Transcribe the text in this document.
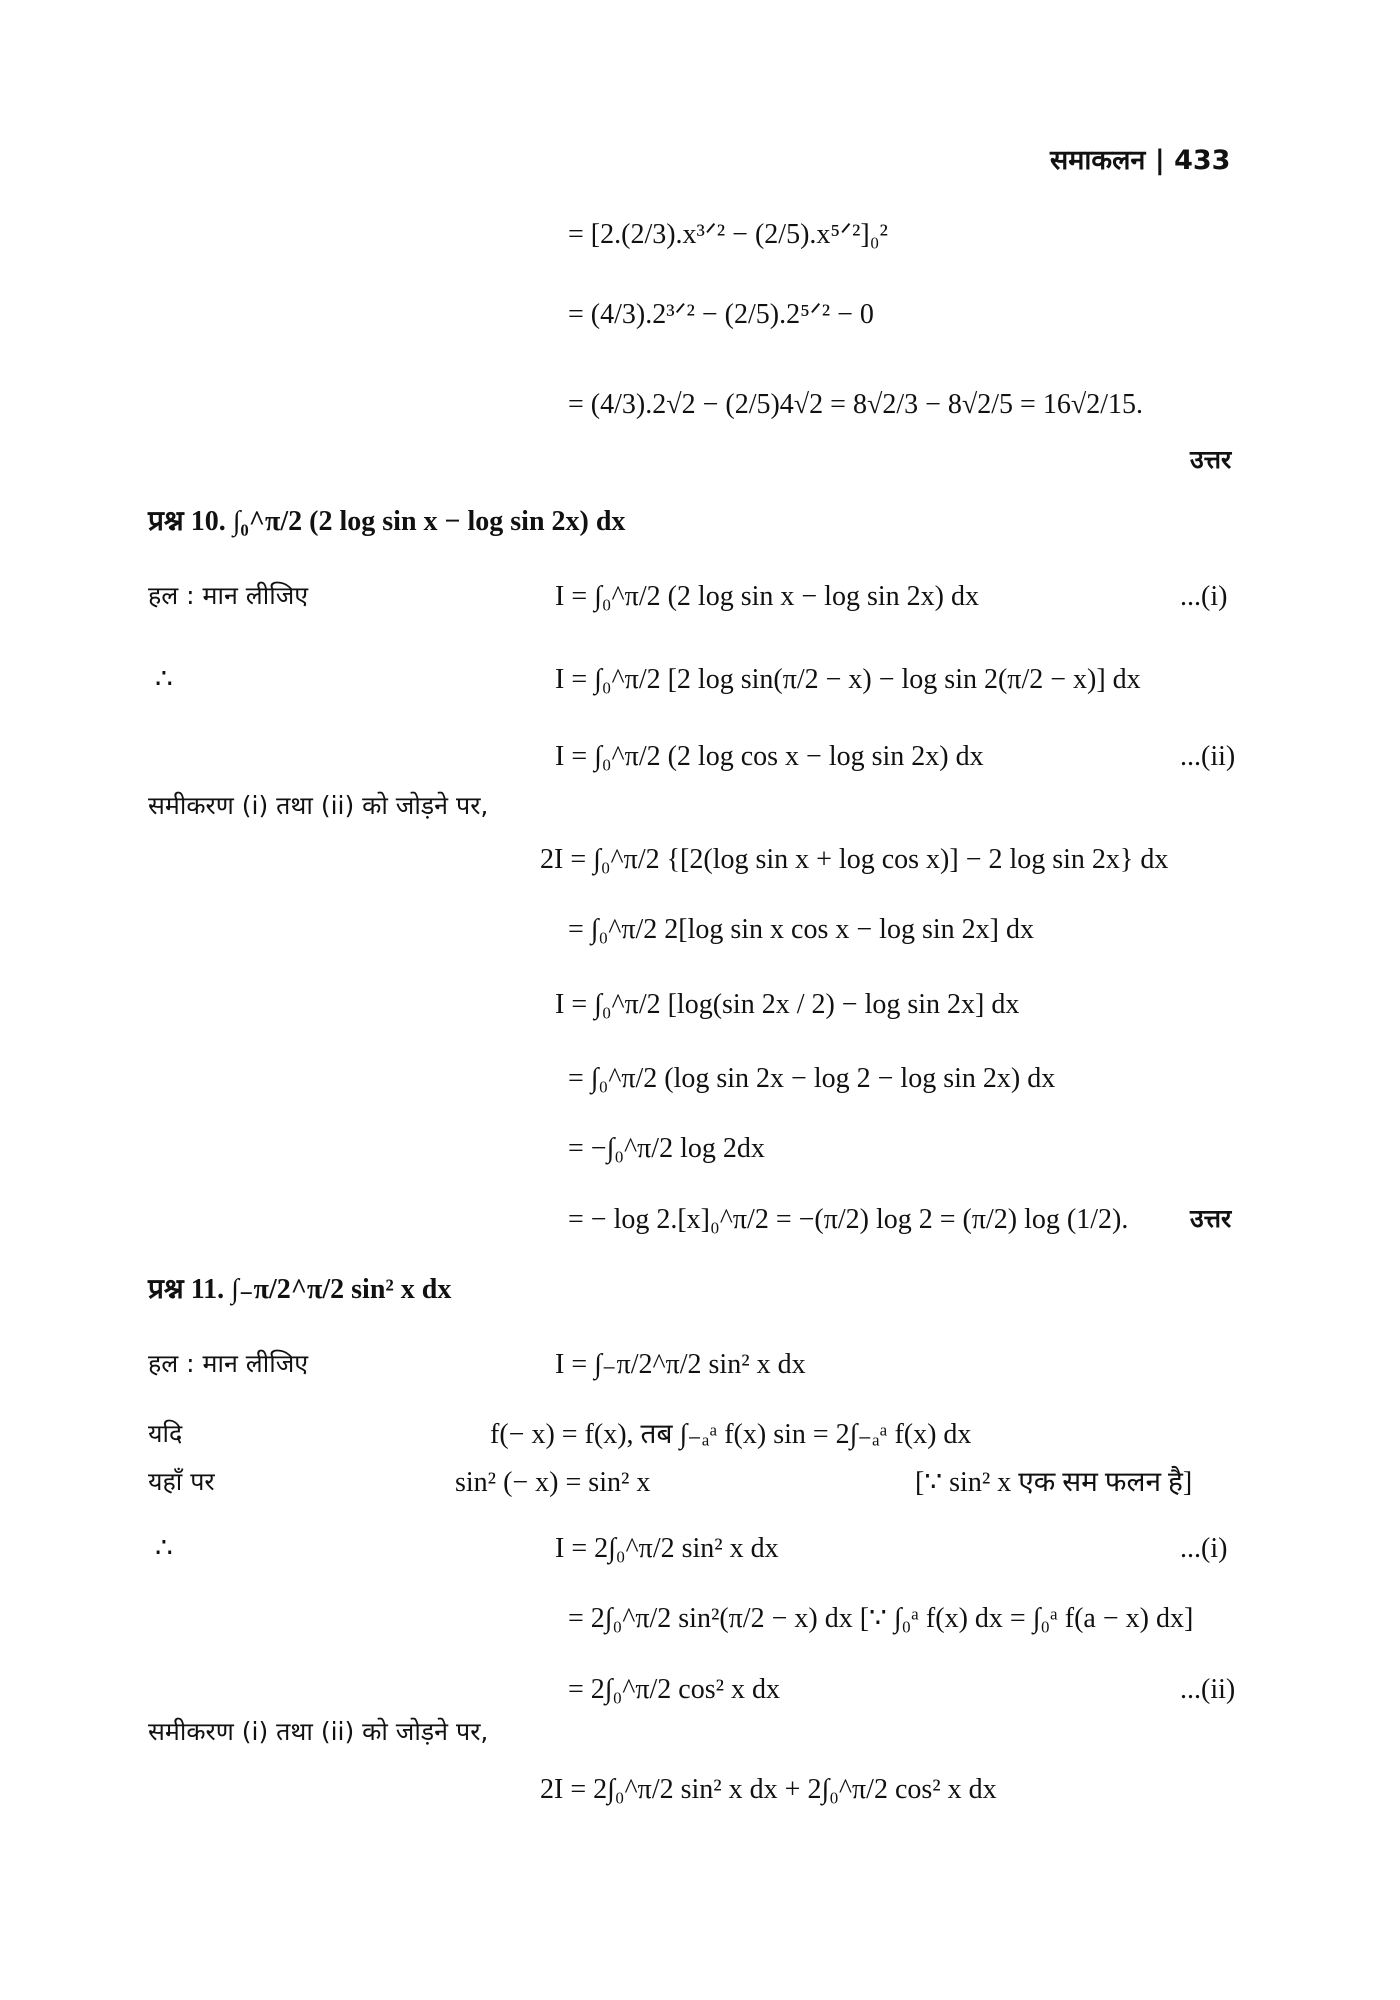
समाकलन | 433
= [2.(2/3).x³ᐟ² − (2/5).x⁵ᐟ²]₀²
= (4/3).2³ᐟ² − (2/5).2⁵ᐟ² − 0
= (4/3).2√2 − (2/5)4√2 = 8√2/3 − 8√2/5 = 16√2/15.
उत्तर
प्रश्न 10. ∫₀^π/2 (2 log sin x − log sin 2x) dx
हल : मान लीजिए	I = ∫₀^π/2 (2 log sin x − log sin 2x) dx	...(i)
∴	I = ∫₀^π/2 [2 log sin(π/2 − x) − log sin 2(π/2 − x)] dx
I = ∫₀^π/2 (2 log cos x − log sin 2x) dx	...(ii)
समीकरण (i) तथा (ii) को जोड़ने पर,
2I = ∫₀^π/2 {[2(log sin x + log cos x)] − 2 log sin 2x} dx
= ∫₀^π/2 2[log sin x cos x − log sin 2x] dx
I = ∫₀^π/2 [log(sin 2x / 2) − log sin 2x] dx
= ∫₀^π/2 (log sin 2x − log 2 − log sin 2x) dx
= −∫₀^π/2 log 2dx
= − log 2.[x]₀^π/2 = −(π/2) log 2 = (π/2) log (1/2). उत्तर
प्रश्न 11. ∫₋π/2^π/2 sin² x dx
हल : मान लीजिए	I = ∫₋π/2^π/2 sin² x dx
यदि	f(− x) = f(x), तब ∫₋ₐᵃ f(x) sin = 2∫₋ₐᵃ f(x) dx
यहाँ पर	sin² (− x) = sin² x	[∵ sin² x एक सम फलन है]
∴	I = 2∫₀^π/2 sin² x dx	...(i)
= 2∫₀^π/2 sin²(π/2 − x) dx [∵ ∫₀ᵃ f(x) dx = ∫₀ᵃ f(a − x) dx]
= 2∫₀^π/2 cos² x dx	...(ii)
समीकरण (i) तथा (ii) को जोड़ने पर,
2I = 2∫₀^π/2 sin² x dx + 2∫₀^π/2 cos² x dx
